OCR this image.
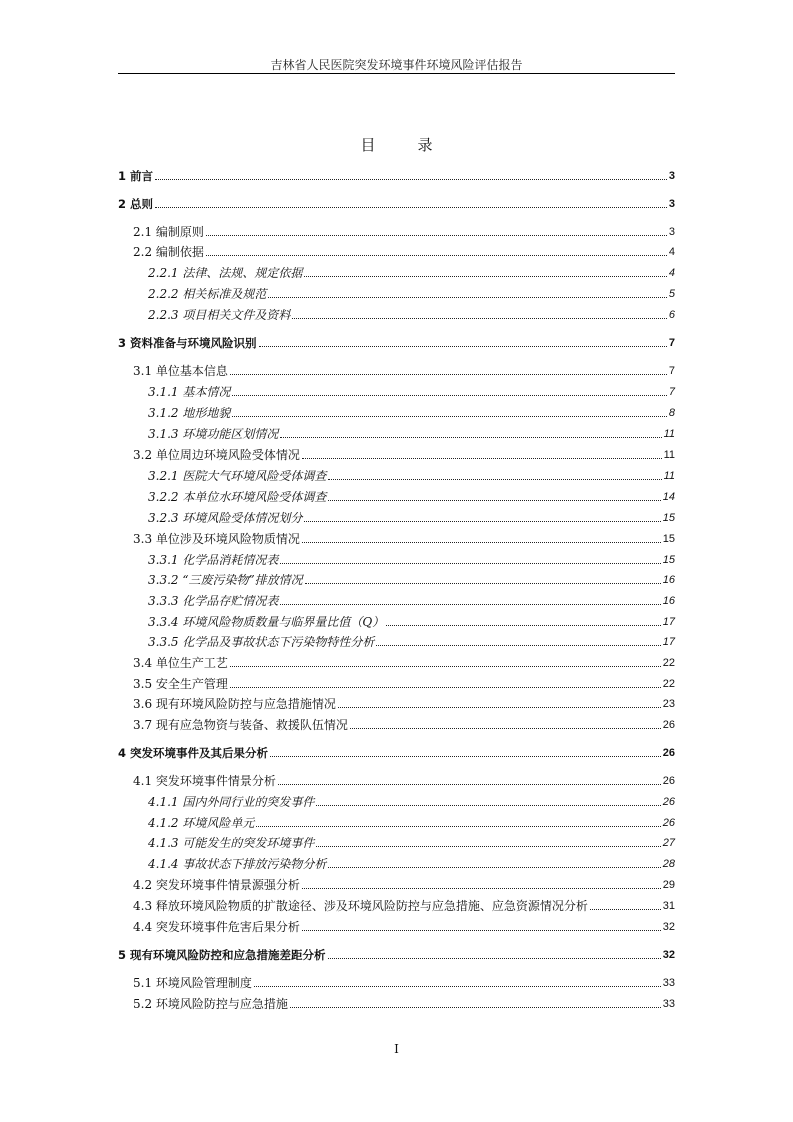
吉林省人民医院突发环境事件环境风险评估报告
目录
1 前言	3
2 总则	3
2.1 编制原则	3
2.2 编制依据	4
2.2.1 法律、法规、规定依据	4
2.2.2 相关标准及规范	5
2.2.3 项目相关文件及资料	6
3 资料准备与环境风险识别	7
3.1 单位基本信息	7
3.1.1 基本情况	7
3.1.2 地形地貌	8
3.1.3 环境功能区划情况	11
3.2 单位周边环境风险受体情况	11
3.2.1 医院大气环境风险受体调查	11
3.2.2 本单位水环境风险受体调查	14
3.2.3 环境风险受体情况划分	15
3.3 单位涉及环境风险物质情况	15
3.3.1 化学品消耗情况表	15
3.3.2 “三废污染物”排放情况	16
3.3.3 化学品存贮情况表	16
3.3.4 环境风险物质数量与临界量比值（Q）	17
3.3.5 化学品及事故状态下污染物特性分析	17
3.4 单位生产工艺	22
3.5 安全生产管理	22
3.6 现有环境风险防控与应急措施情况	23
3.7 现有应急物资与装备、救援队伍情况	26
4 突发环境事件及其后果分析	26
4.1 突发环境事件情景分析	26
4.1.1 国内外同行业的突发事件	26
4.1.2 环境风险单元	26
4.1.3 可能发生的突发环境事件	27
4.1.4 事故状态下排放污染物分析	28
4.2 突发环境事件情景源强分析	29
4.3 释放环境风险物质的扩散途径、涉及环境风险防控与应急措施、应急资源情况分析	31
4.4 突发环境事件危害后果分析	32
5 现有环境风险防控和应急措施差距分析	32
5.1 环境风险管理制度	33
5.2 环境风险防控与应急措施	33
I
